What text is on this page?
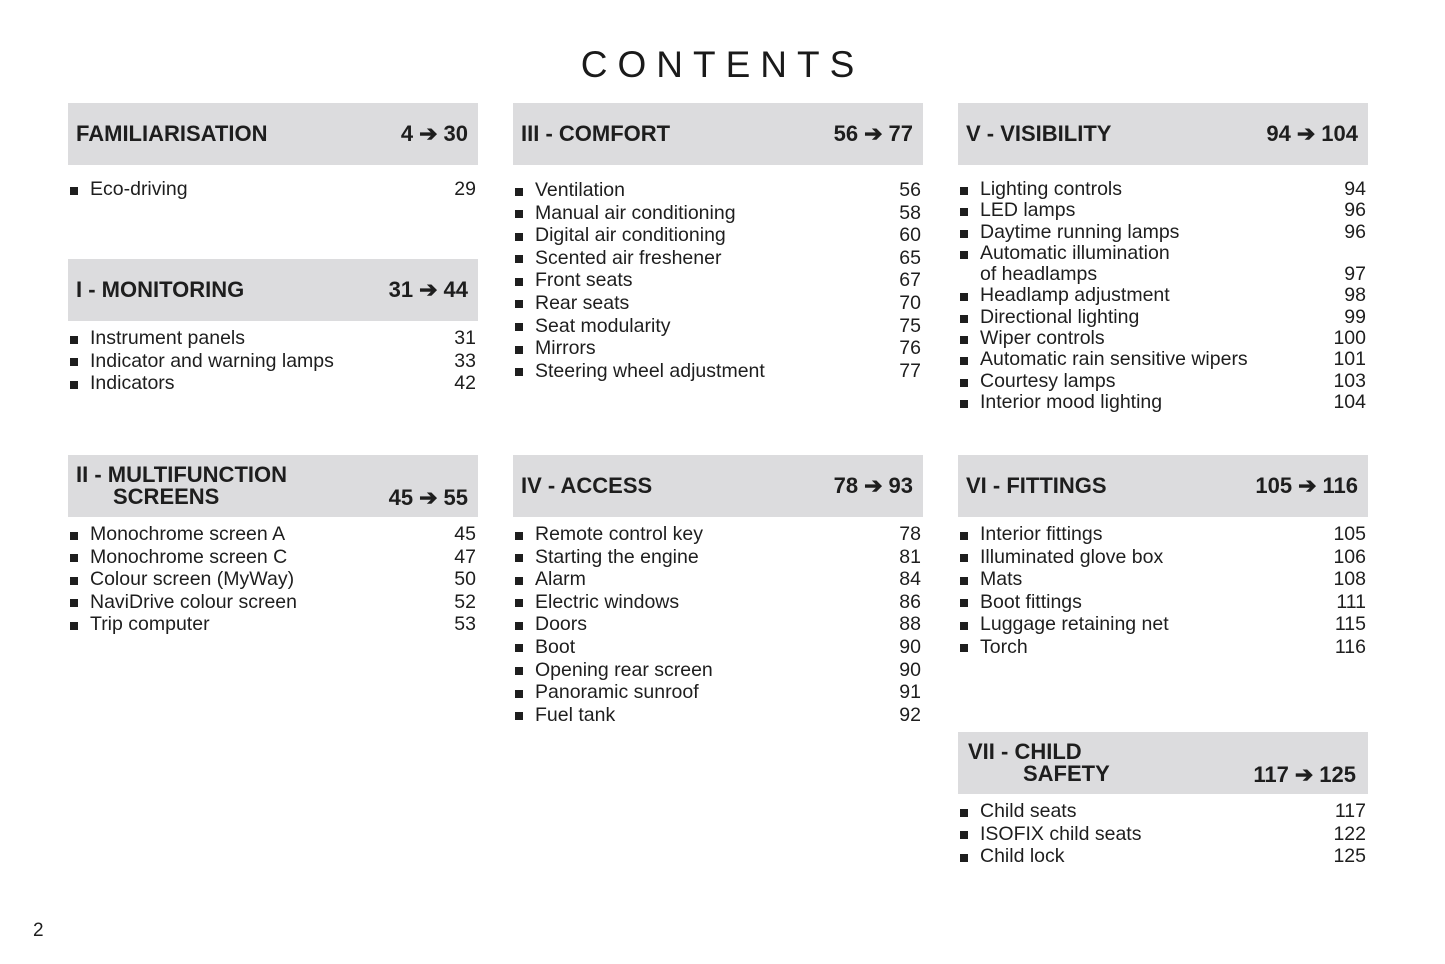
CONTENTS
FAMILIARISATION	4 ➔ 30
Eco-driving	29
I - MONITORING	31 ➔ 44
Instrument panels	31
Indicator and warning lamps	33
Indicators	42
II - MULTIFUNCTION
SCREENS	45 ➔ 55
Monochrome screen A	45
Monochrome screen C	47
Colour screen (MyWay)	50
NaviDrive colour screen	52
Trip computer	53
III - COMFORT	56 ➔ 77
Ventilation	56
Manual air conditioning	58
Digital air conditioning	60
Scented air freshener	65
Front seats	67
Rear seats	70
Seat modularity	75
Mirrors	76
Steering wheel adjustment	77
IV - ACCESS	78 ➔ 93
Remote control key	78
Starting the engine	81
Alarm	84
Electric windows	86
Doors	88
Boot	90
Opening rear screen	90
Panoramic sunroof	91
Fuel tank	92
V - VISIBILITY	94 ➔ 104
Lighting controls	94
LED lamps	96
Daytime running lamps	96
Automatic illumination
of headlamps	97
Headlamp adjustment	98
Directional lighting	99
Wiper controls	100
Automatic rain sensitive wipers	101
Courtesy lamps	103
Interior mood lighting	104
VI - FITTINGS	105 ➔ 116
Interior fittings	105
Illuminated glove box	106
Mats	108
Boot fittings	111
Luggage retaining net	115
Torch	116
VII - CHILD
SAFETY	117 ➔ 125
Child seats	117
ISOFIX child seats	122
Child lock	125
2
